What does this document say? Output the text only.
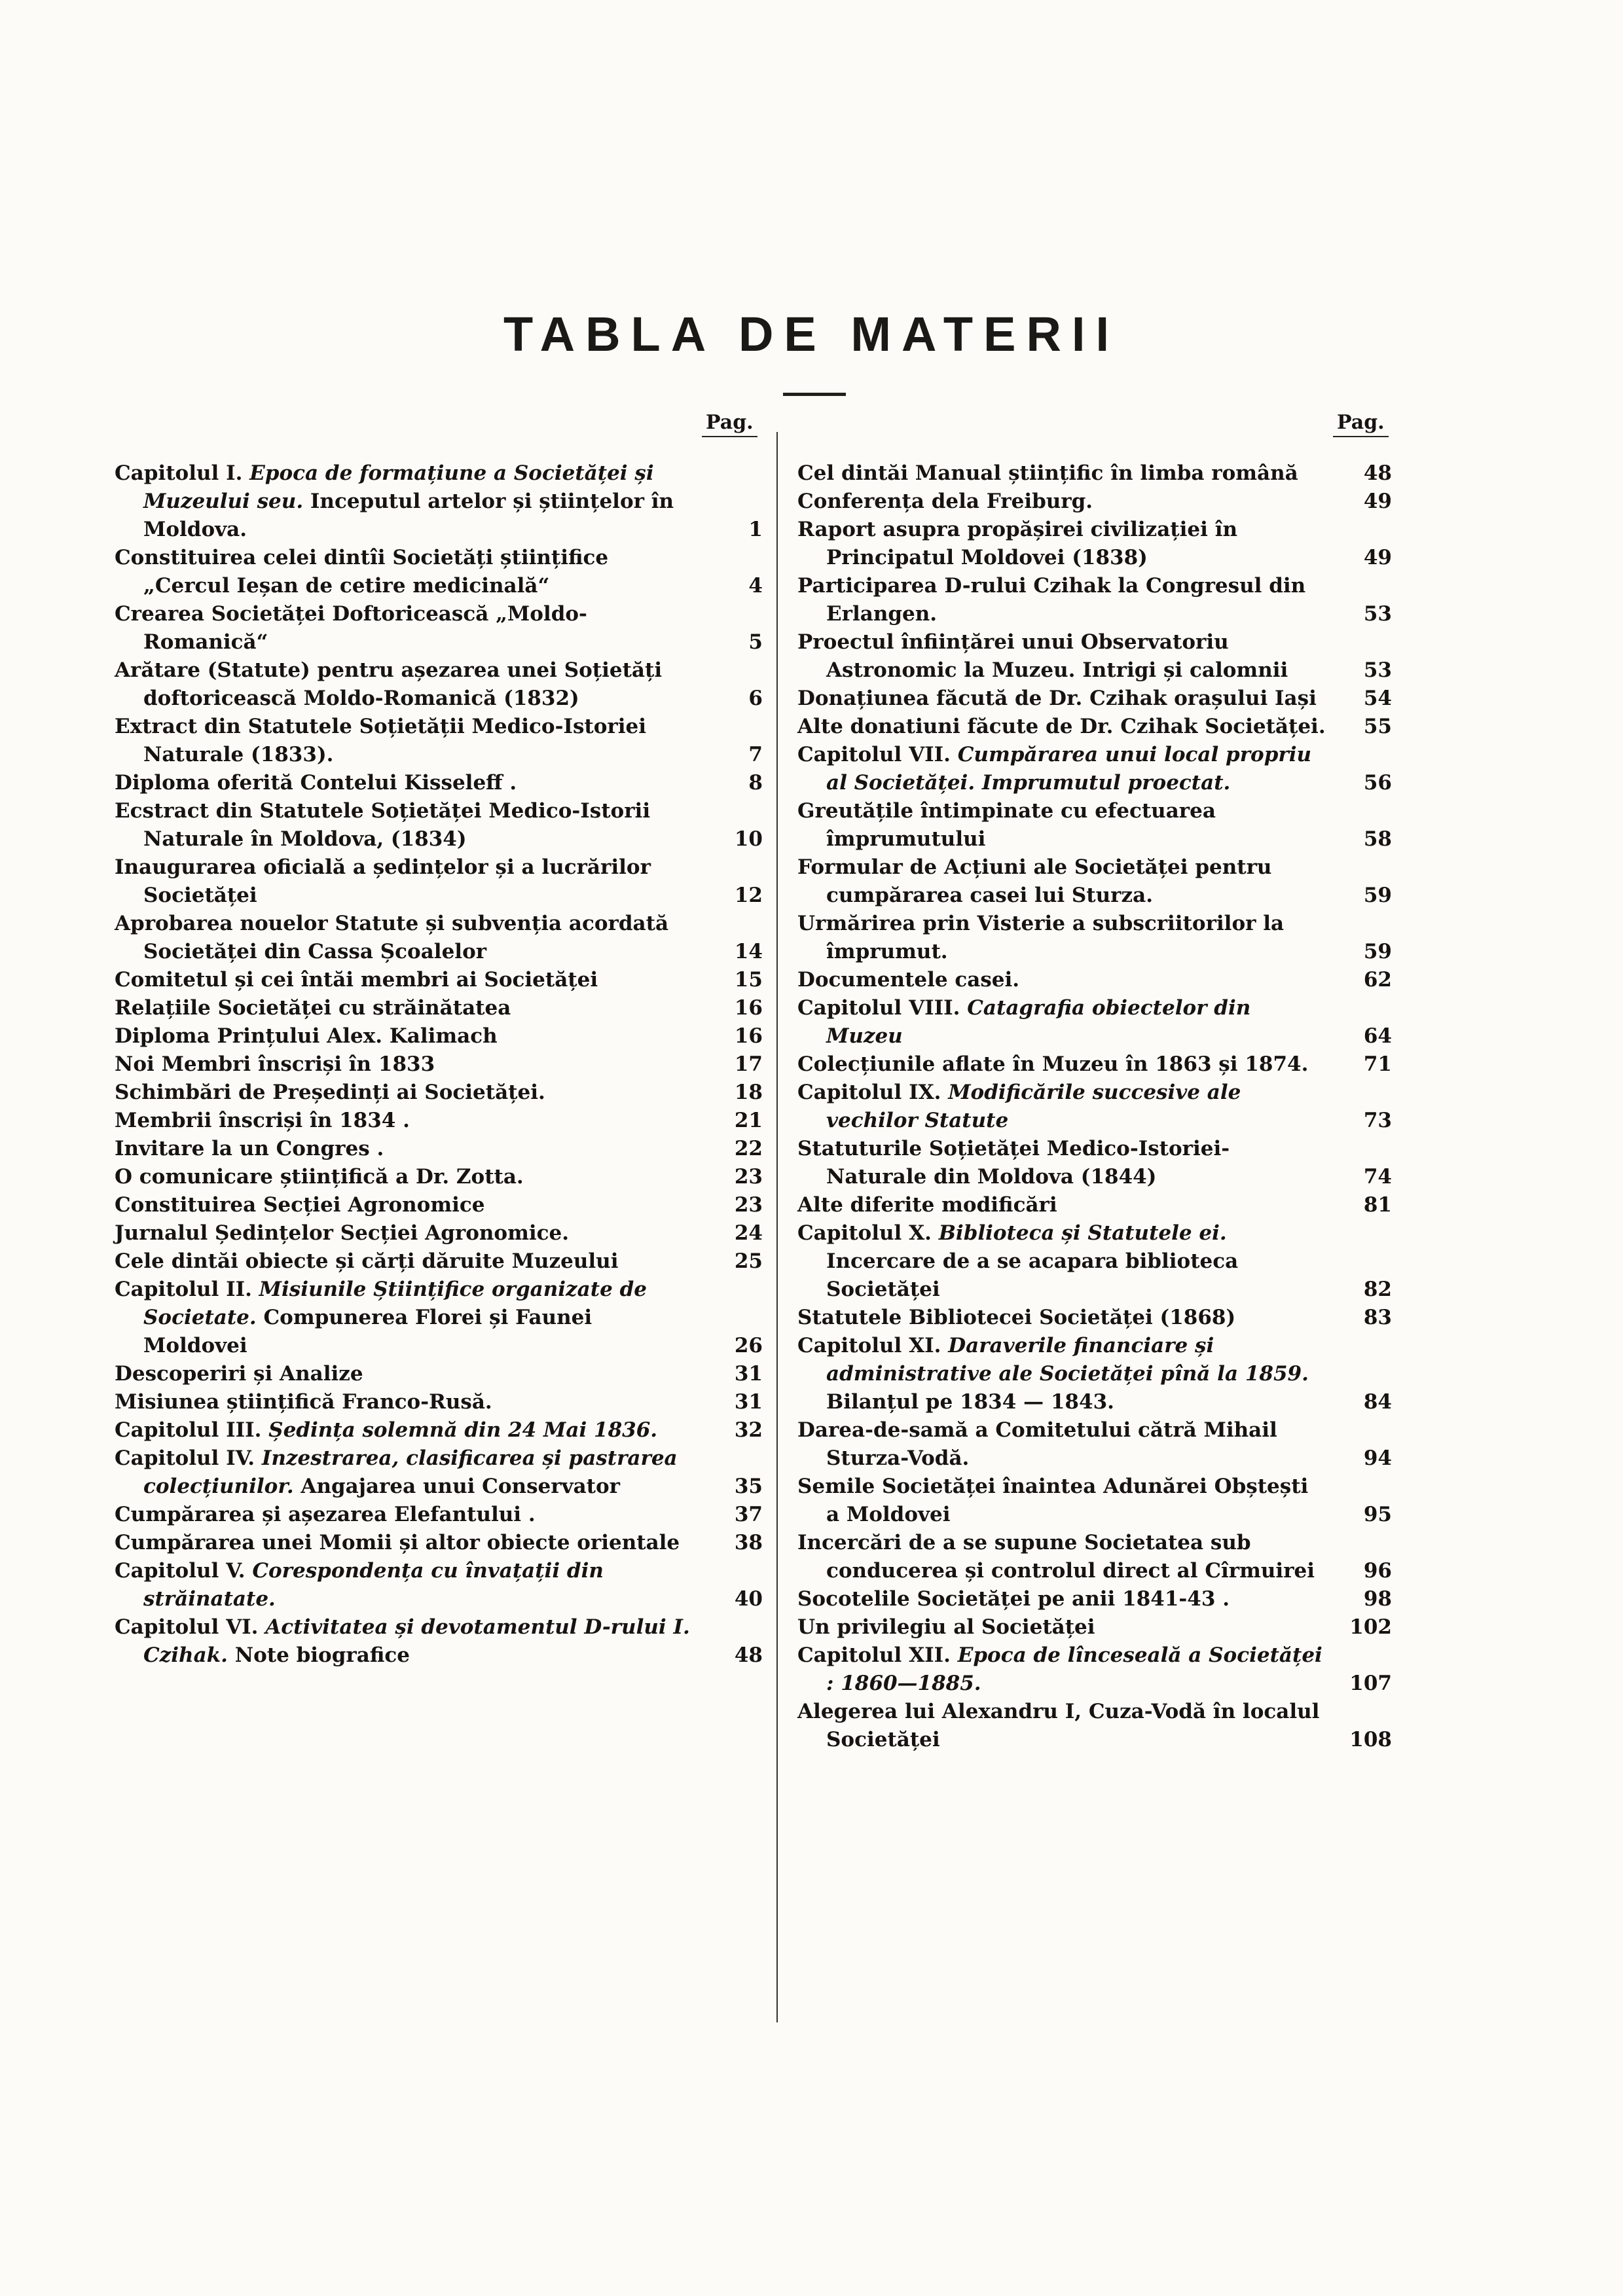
TABLA DE MATERII
Pag.	Pag.
Capitolul I. Epoca de formațiune a Societăței și Muzeului seu. Inceputul artelor și științelor în Moldova.	1
Constituirea celei dintîi Societăți științifice „Cercul Ieșan de cetire medicinală“	4
Crearea Societăței Doftoricească „Moldo-Romanică“	5
Arătare (Statute) pentru așezarea unei Soțietăți doftoricească Moldo-Romanică (1832)	6
Extract din Statutele Soțietății Medico-Istoriei Naturale (1833).	7
Diploma oferită Contelui Kisseleff .	8
Ecstract din Statutele Soțietăței Medico-Istorii Naturale în Moldova, (1834)	10
Inaugurarea oficială a ședințelor și a lucrărilor Societăței	12
Aprobarea nouelor Statute și subvenția acordată Societăței din Cassa Școalelor	14
Comitetul și cei întăi membri ai Societăței	15
Relațiile Societăței cu străinătatea	16
Diploma Prințului Alex. Kalimach	16
Noi Membri înscriși în 1833	17
Schimbări de Președinți ai Societăței.	18
Membrii înscriși în 1834 .	21
Invitare la un Congres .	22
O comunicare științifică a Dr. Zotta.	23
Constituirea Secției Agronomice	23
Jurnalul Ședințelor Secției Agronomice.	24
Cele dintăi obiecte și cărți dăruite Muzeului	25
Capitolul II. Misiunile Științifice organizate de Societate. Compunerea Florei și Faunei Moldovei	26
Descoperiri și Analize	31
Misiunea științifică Franco-Rusă.	31
Capitolul III. Ședința solemnă din 24 Mai 1836.	32
Capitolul IV. Inzestrarea, clasificarea și pastrarea colecțiunilor. Angajarea unui Conservator	35
Cumpărarea și așezarea Elefantului .	37
Cumpărarea unei Momii și altor obiecte orientale	38
Capitolul V. Corespondența cu învațații din străinatate.	40
Capitolul VI. Activitatea și devotamentul D-rului I. Czihak. Note biografice	48
Cel dintăi Manual științific în limba română	48
Conferența dela Freiburg.	49
Raport asupra propășirei civilizației în Principatul Moldovei (1838)	49
Participarea D-rului Czihak la Congresul din Erlangen.	53
Proectul înființărei unui Observatoriu Astronomic la Muzeu. Intrigi și calomnii	53
Donațiunea făcută de Dr. Czihak orașului Iași	54
Alte donatiuni făcute de Dr. Czihak Societăței.	55
Capitolul VII. Cumpărarea unui local propriu al Societăței. Imprumutul proectat.	56
Greutățile întimpinate cu efectuarea împrumutului	58
Formular de Acțiuni ale Societăței pentru cumpărarea casei lui Sturza.	59
Urmărirea prin Visterie a subscriitorilor la împrumut.	59
Documentele casei.	62
Capitolul VIII. Catagrafia obiectelor din Muzeu	64
Colecțiunile aflate în Muzeu în 1863 și 1874.	71
Capitolul IX. Modificările succesive ale vechilor Statute	73
Statuturile Soțietăței Medico-Istoriei-Naturale din Moldova (1844)	74
Alte diferite modificări	81
Capitolul X. Biblioteca și Statutele ei. Incercare de a se acapara biblioteca Societăței	82
Statutele Bibliotecei Societăței (1868)	83
Capitolul XI. Daraverile financiare și administrative ale Societăței pînă la 1859. Bilanțul pe 1834 — 1843.	84
Darea-de-samă a Comitetului cătră Mihail Sturza-Vodă.	94
Semile Societăței înaintea Adunărei Obștești a Moldovei	95
Incercări de a se supune Societatea sub conducerea și controlul direct al Cîrmuirei	96
Socotelile Societăței pe anii 1841-43 .	98
Un privilegiu al Societăței	102
Capitolul XII. Epoca de lînceseală a Societăței : 1860—1885.	107
Alegerea lui Alexandru I, Cuza-Vodă în localul Societăței	108
